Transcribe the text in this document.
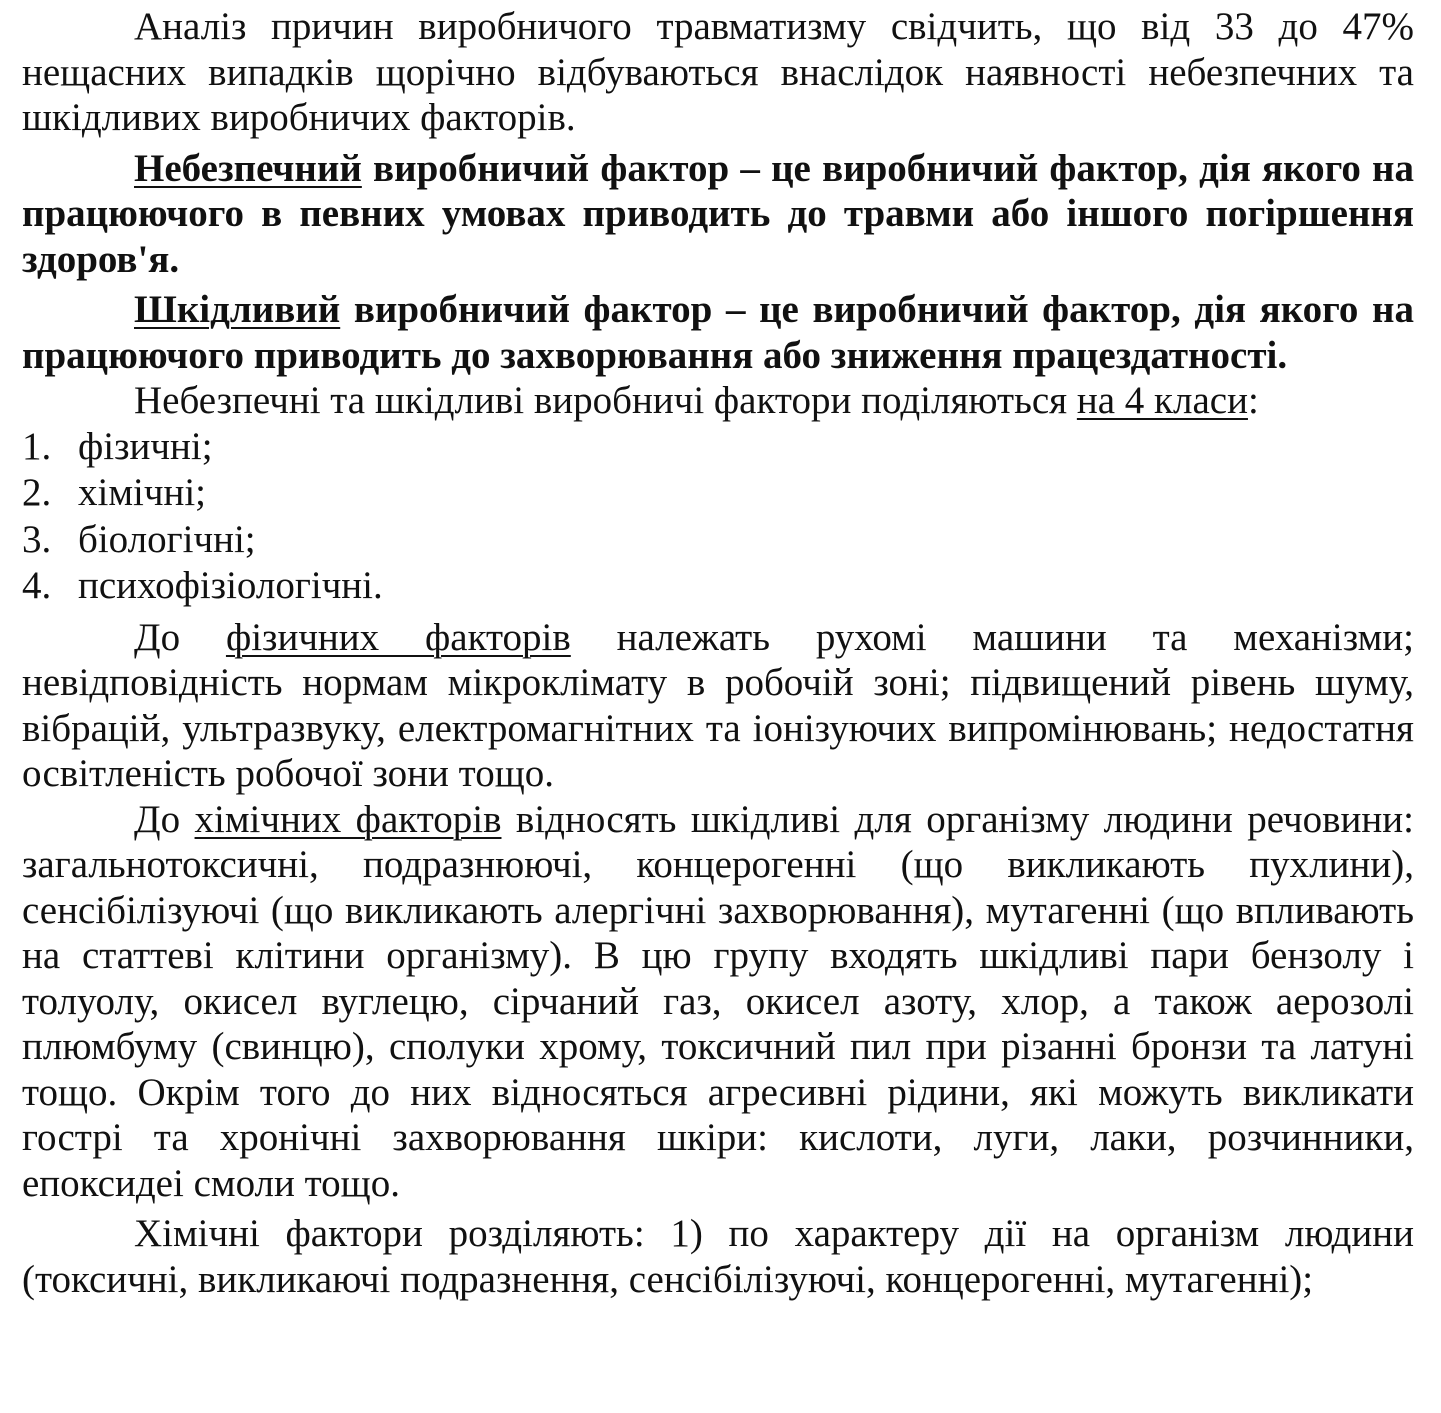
Аналіз причин виробничого травматизму свідчить, що від 33 до 47% нещасних випадків щорічно відбуваються внаслідок наявності небезпечних та шкідливих виробничих факторів.

Небезпечний виробничий фактор – це виробничий фактор, дія якого на працюючого в певних умовах приводить до травми або іншого погіршення здоров'я.

Шкідливий виробничий фактор – це виробничий фактор, дія якого на працюючого приводить до захворювання або зниження працездатності.

Небезпечні та шкідливі виробничі фактори поділяються на 4 класи:

1. фізичні;
2. хімічні;
3. біологічні;
4. психофізіологічні.

До фізичних факторів належать рухомі машини та механізми; невідповідність нормам мікроклімату в робочій зоні; підвищений рівень шуму, вібрацій, ультразвуку, електромагнітних та іонізуючих випромінювань; недостатня освітленість робочої зони тощо.

До хімічних факторів відносять шкідливі для організму людини речовини: загальнотоксичні, подразнюючі, концерогенні (що викликають пухлини), сенсібілізуючі (що викликають алергічні захворювання), мутагенні (що впливають на статтеві клітини організму). В цю групу входять шкідливі пари бензолу і толуолу, окисел вуглецю, сірчаний газ, окисел азоту, хлор, а також аерозолі плюмбуму (свинцю), сполуки хрому, токсичний пил при різанні бронзи та латуні тощо. Окрім того до них відносяться агресивні рідини, які можуть викликати гострі та хронічні захворювання шкіри: кислоти, луги, лаки, розчинники, епоксидеі смоли тощо.

Хімічні фактори розділяють: 1) по характеру дії на організм людини (токсичні, викликаючі подразнення, сенсібілізуючі, концерогенні, мутагенні);
